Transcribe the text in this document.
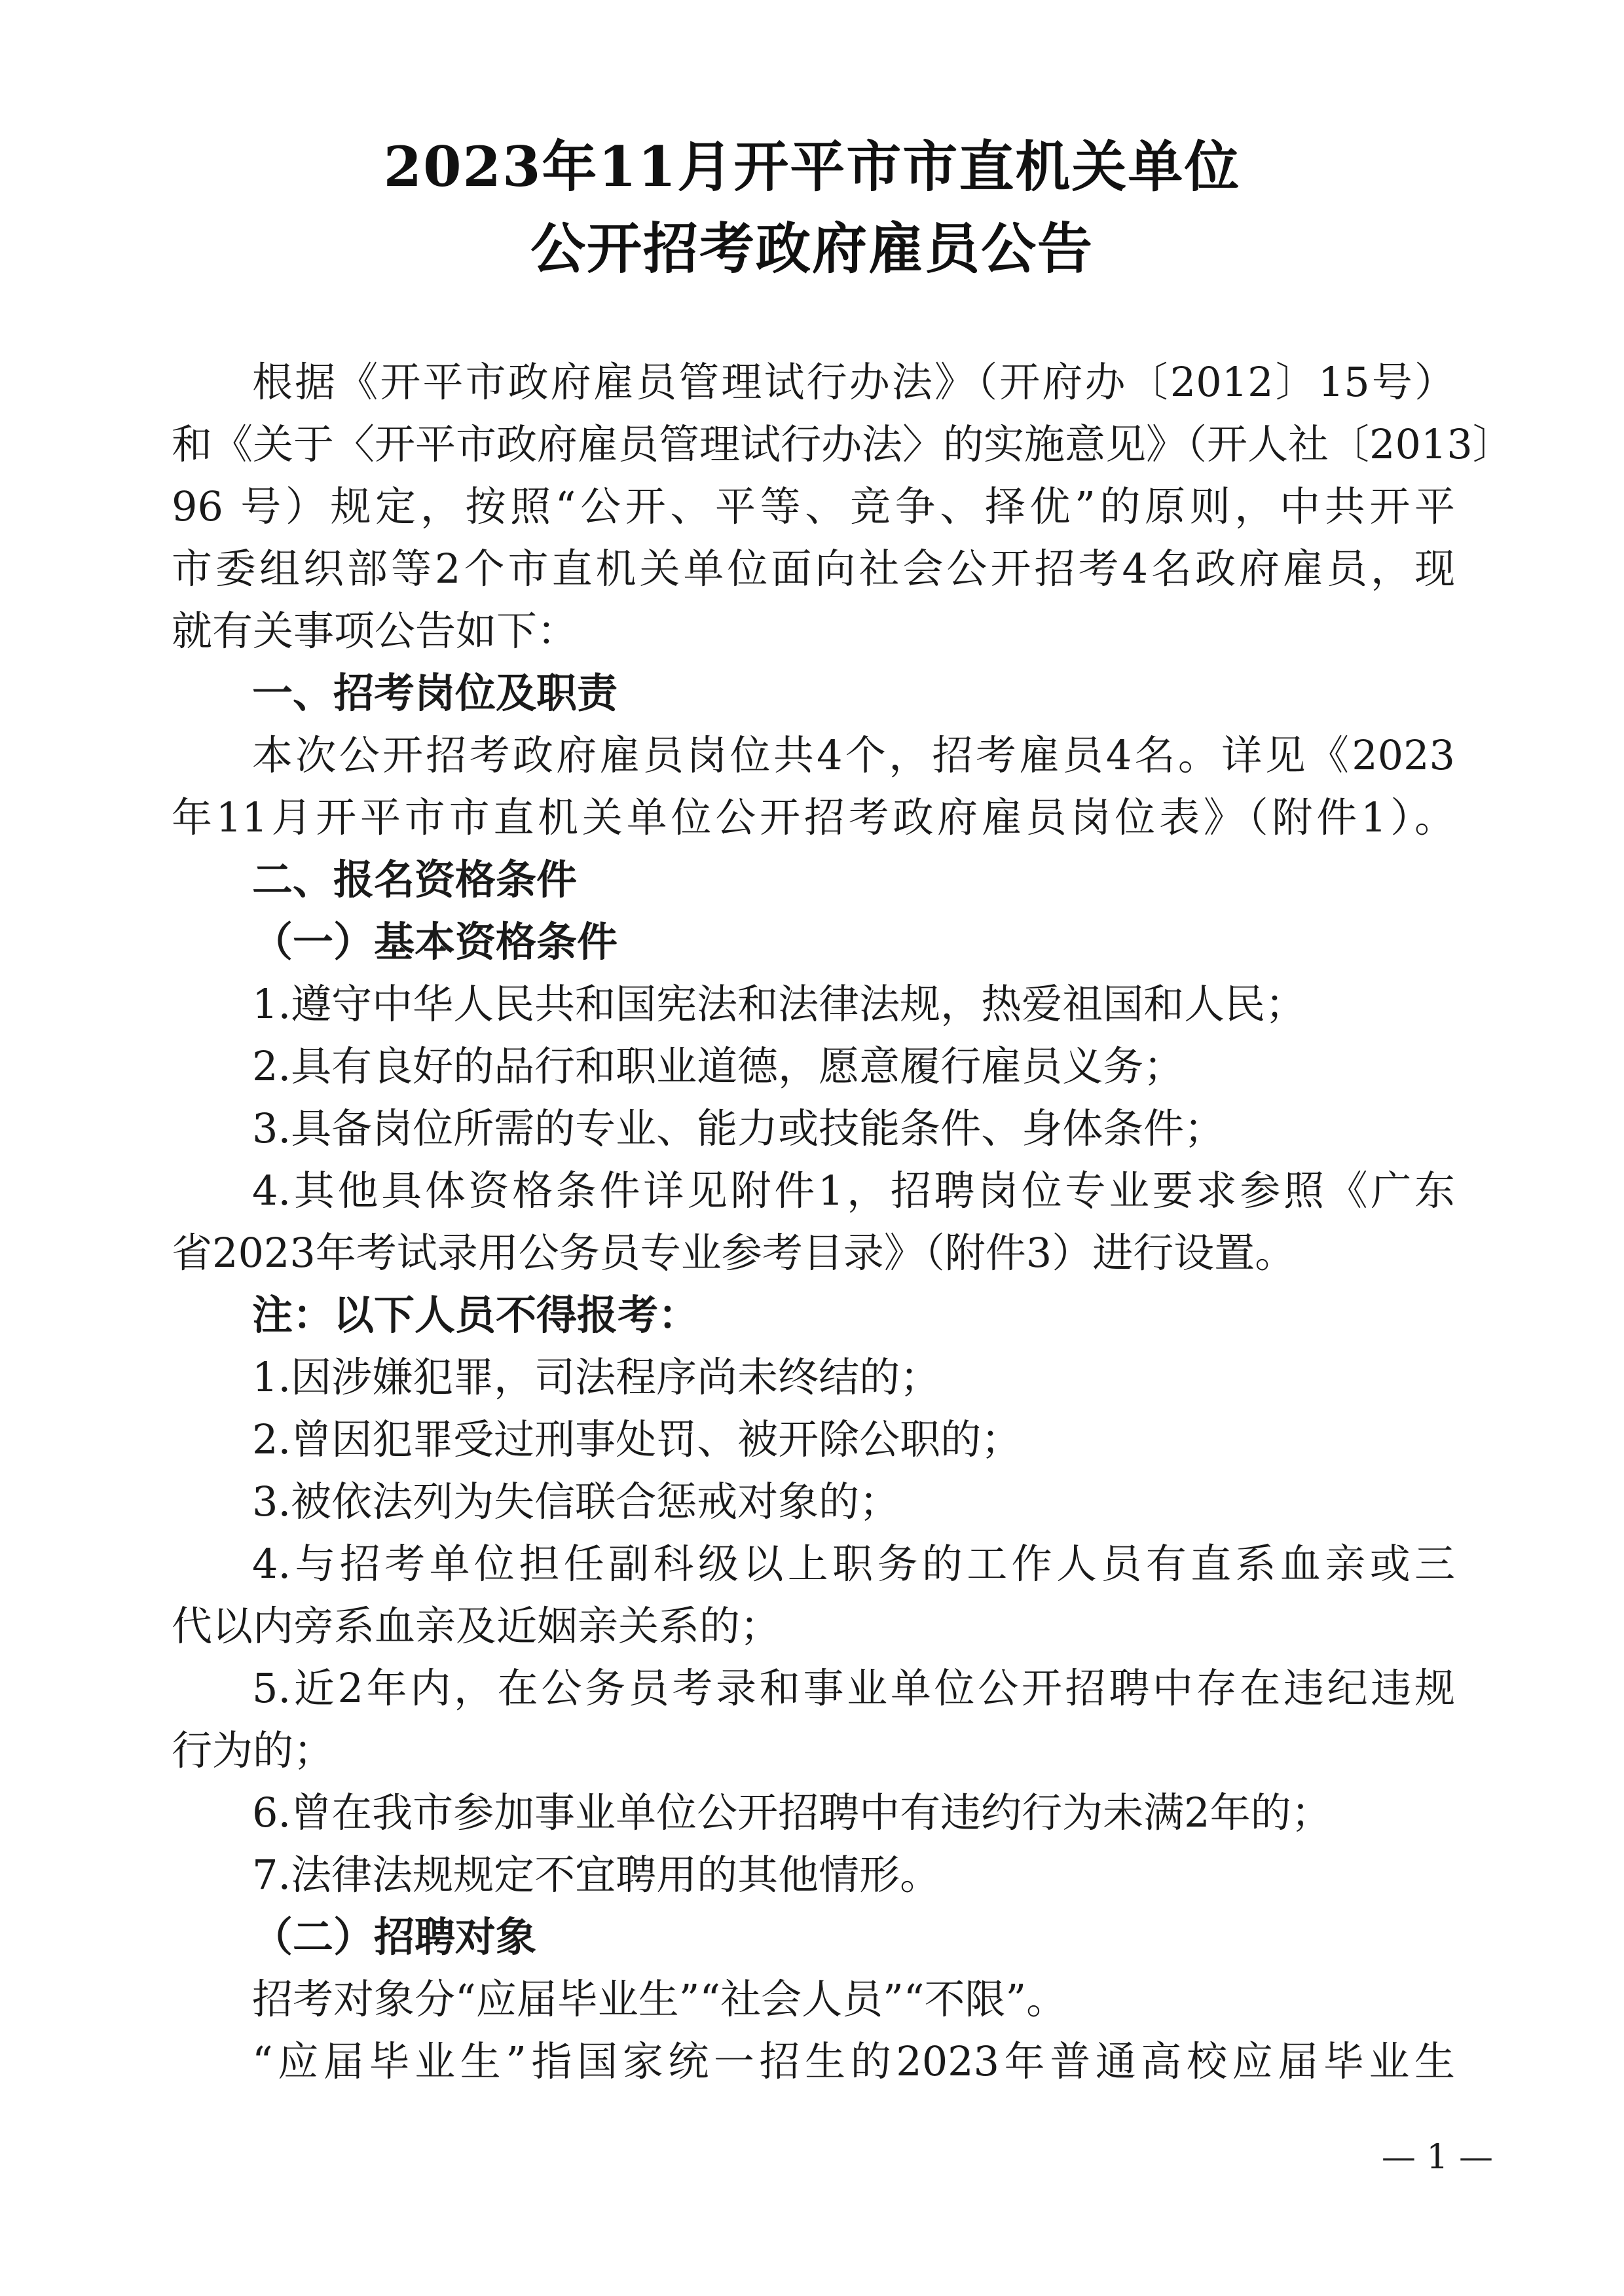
2023年11月开平市市直机关单位
公开招考政府雇员公告
根据《开平市政府雇员管理试行办法》（开府办〔2012〕15号）
和《关于〈开平市政府雇员管理试行办法〉的实施意见》（开人社〔2013〕
96 号）规定，按照“公开、平等、竞争、择优”的原则，中共开平
市委组织部等2个市直机关单位面向社会公开招考4名政府雇员，现
就有关事项公告如下：
一、招考岗位及职责
本次公开招考政府雇员岗位共4个，招考雇员4名。详见《2023
年11月开平市市直机关单位公开招考政府雇员岗位表》（附件1）。
二、报名资格条件
（一）基本资格条件
1.遵守中华人民共和国宪法和法律法规，热爱祖国和人民；
2.具有良好的品行和职业道德，愿意履行雇员义务；
3.具备岗位所需的专业、能力或技能条件、身体条件；
4.其他具体资格条件详见附件1，招聘岗位专业要求参照《广东
省2023年考试录用公务员专业参考目录》（附件3）进行设置。
注：以下人员不得报考：
1.因涉嫌犯罪，司法程序尚未终结的；
2.曾因犯罪受过刑事处罚、被开除公职的；
3.被依法列为失信联合惩戒对象的；
4.与招考单位担任副科级以上职务的工作人员有直系血亲或三
代以内旁系血亲及近姻亲关系的；
5.近2年内，在公务员考录和事业单位公开招聘中存在违纪违规
行为的；
6.曾在我市参加事业单位公开招聘中有违约行为未满2年的；
7.法律法规规定不宜聘用的其他情形。
（二）招聘对象
招考对象分“应届毕业生”“社会人员”“不限”。
“应届毕业生”指国家统一招生的2023年普通高校应届毕业生
— 1 —
